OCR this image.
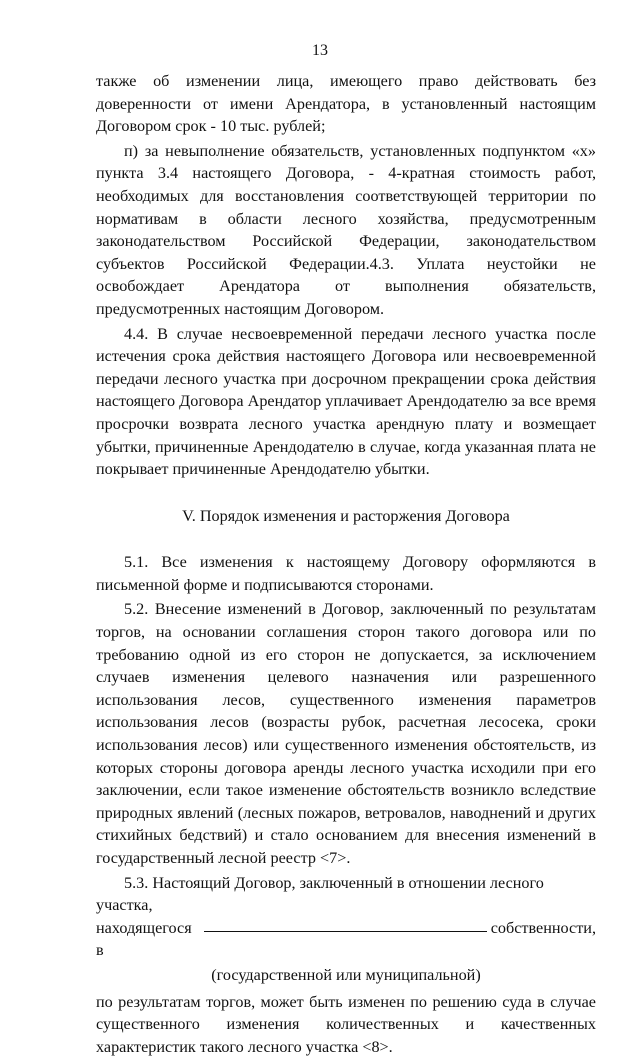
13

также об изменении лица, имеющего право действовать без доверенности от имени Арендатора, в установленный настоящим Договором срок - 10 тыс. рублей;

п) за невыполнение обязательств, установленных подпунктом «х» пункта 3.4 настоящего Договора, - 4-кратная стоимость работ, необходимых для восстановления соответствующей территории по нормативам в области лесного хозяйства, предусмотренным законодательством Российской Федерации, законодательством субъектов Российской Федерации.4.3. Уплата неустойки не освобождает Арендатора от выполнения обязательств, предусмотренных настоящим Договором.

4.4. В случае несвоевременной передачи лесного участка после истечения срока действия настоящего Договора или несвоевременной передачи лесного участка при досрочном прекращении срока действия настоящего Договора Арендатор уплачивает Арендодателю за все время просрочки возврата лесного участка арендную плату и возмещает убытки, причиненные Арендодателю в случае, когда указанная плата не покрывает причиненные Арендодателю убытки.

V. Порядок изменения и расторжения Договора

5.1. Все изменения к настоящему Договору оформляются в письменной форме и подписываются сторонами.

5.2. Внесение изменений в Договор, заключенный по результатам торгов, на основании соглашения сторон такого договора или по требованию одной из его сторон не допускается, за исключением случаев изменения целевого назначения или разрешенного использования лесов, существенного изменения параметров использования лесов (возрасты рубок, расчетная лесосека, сроки использования лесов) или существенного изменения обстоятельств, из которых стороны договора аренды лесного участка исходили при его заключении, если такое изменение обстоятельств возникло вследствие природных явлений (лесных пожаров, ветровалов, наводнений и других стихийных бедствий) и стало основанием для внесения изменений в государственный лесной реестр <7>.

5.3. Настоящий Договор, заключенный в отношении лесного участка,

находящегося в
собственности,

(государственной или муниципальной)

по результатам торгов, может быть изменен по решению суда в случае существенного изменения количественных и качественных характеристик такого лесного участка <8>.
